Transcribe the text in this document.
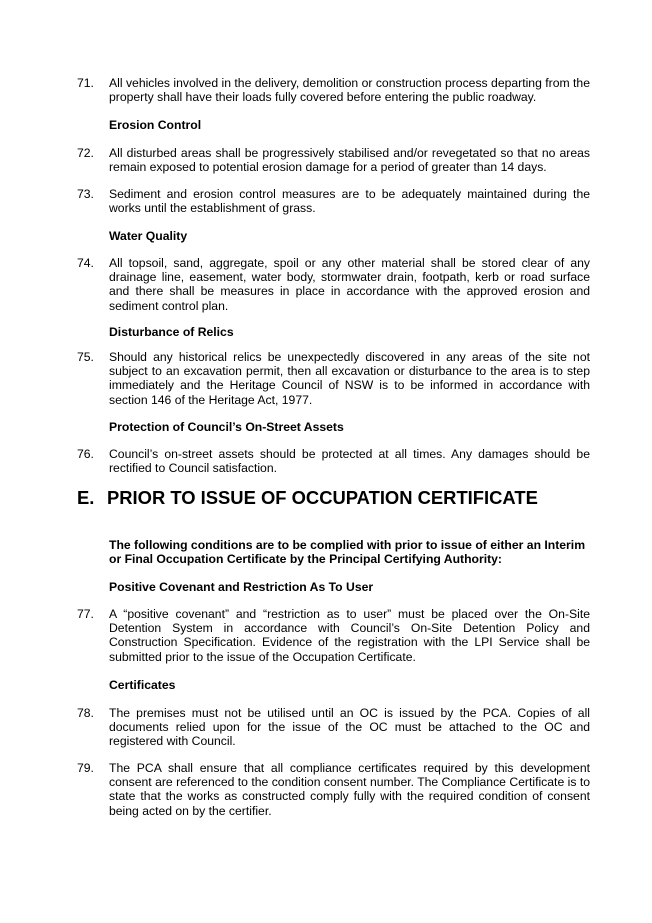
71. All vehicles involved in the delivery, demolition or construction process departing from the property shall have their loads fully covered before entering the public roadway.
Erosion Control
72. All disturbed areas shall be progressively stabilised and/or revegetated so that no areas remain exposed to potential erosion damage for a period of greater than 14 days.
73. Sediment and erosion control measures are to be adequately maintained during the works until the establishment of grass.
Water Quality
74. All topsoil, sand, aggregate, spoil or any other material shall be stored clear of any drainage line, easement, water body, stormwater drain, footpath, kerb or road surface and there shall be measures in place in accordance with the approved erosion and sediment control plan.
Disturbance of Relics
75. Should any historical relics be unexpectedly discovered in any areas of the site not subject to an excavation permit, then all excavation or disturbance to the area is to step immediately and the Heritage Council of NSW is to be informed in accordance with section 146 of the Heritage Act, 1977.
Protection of Council’s On-Street Assets
76. Council’s on-street assets should be protected at all times. Any damages should be rectified to Council satisfaction.
E. PRIOR TO ISSUE OF OCCUPATION CERTIFICATE
The following conditions are to be complied with prior to issue of either an Interim or Final Occupation Certificate by the Principal Certifying Authority:
Positive Covenant and Restriction As To User
77. A “positive covenant” and “restriction as to user” must be placed over the On-Site Detention System in accordance with Council’s On-Site Detention Policy and Construction Specification. Evidence of the registration with the LPI Service shall be submitted prior to the issue of the Occupation Certificate.
Certificates
78. The premises must not be utilised until an OC is issued by the PCA. Copies of all documents relied upon for the issue of the OC must be attached to the OC and registered with Council.
79. The PCA shall ensure that all compliance certificates required by this development consent are referenced to the condition consent number. The Compliance Certificate is to state that the works as constructed comply fully with the required condition of consent being acted on by the certifier.
